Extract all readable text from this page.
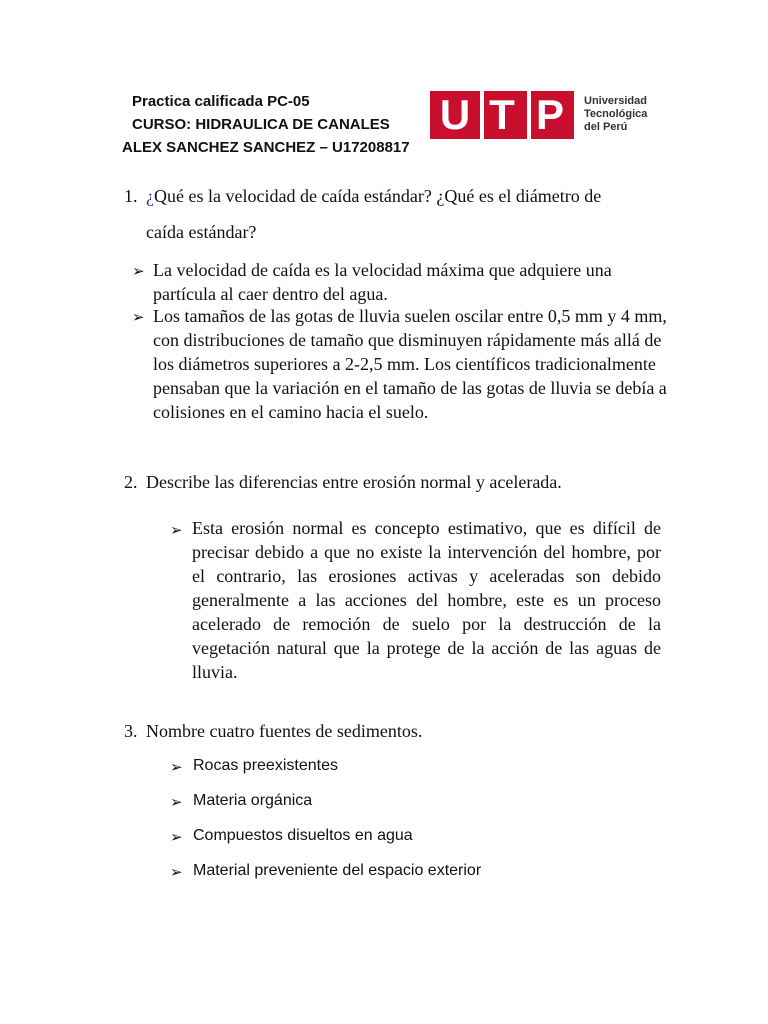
Practica calificada PC-05
CURSO: HIDRAULICA DE CANALES
ALEX SANCHEZ SANCHEZ – U17208817
U T P Universidad
Tecnológica
del Perú
1. ¿Qué es la velocidad de caída estándar? ¿Qué es el diámetro de
caída estándar?
➢ La velocidad de caída es la velocidad máxima que adquiere una partícula al caer dentro del agua.
➢ Los tamaños de las gotas de lluvia suelen oscilar entre 0,5 mm y 4 mm, con distribuciones de tamaño que disminuyen rápidamente más allá de los diámetros superiores a 2-2,5 mm. Los científicos tradicionalmente pensaban que la variación en el tamaño de las gotas de lluvia se debía a colisiones en el camino hacia el suelo.
2. Describe las diferencias entre erosión normal y acelerada.
➢ Esta erosión normal es concepto estimativo, que es difícil de precisar debido a que no existe la intervención del hombre, por el contrario, las erosiones activas y aceleradas son debido generalmente a las acciones del hombre, este es un proceso acelerado de remoción de suelo por la destrucción de la vegetación natural que la protege de la acción de las aguas de lluvia.
3. Nombre cuatro fuentes de sedimentos.
➢ Rocas preexistentes
➢ Materia orgánica
➢ Compuestos disueltos en agua
➢ Material preveniente del espacio exterior
